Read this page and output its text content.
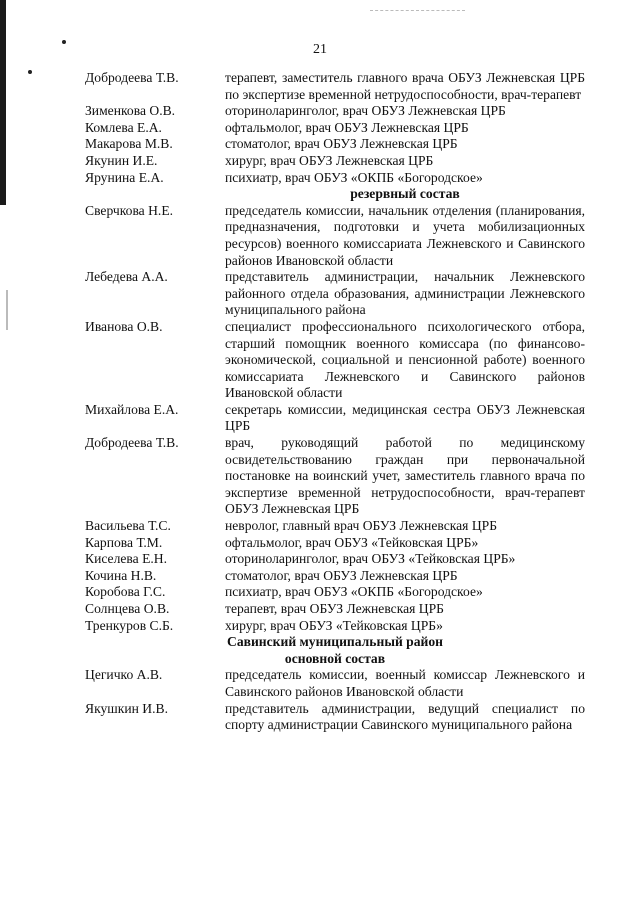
21
Добродеева Т.В.	терапевт, заместитель главного врача ОБУЗ Лежневская ЦРБ по экспертизе временной нетрудоспособности, врач-терапевт
Зименкова О.В.	оториноларинголог, врач ОБУЗ Лежневская ЦРБ
Комлева Е.А.	офтальмолог, врач ОБУЗ Лежневская ЦРБ
Макарова М.В.	стоматолог, врач ОБУЗ Лежневская ЦРБ
Якунин И.Е.	хирург, врач ОБУЗ Лежневская ЦРБ
Ярунина Е.А.	психиатр, врач ОБУЗ «ОКПБ «Богородское»
резервный состав
Сверчкова Н.Е.	председатель комиссии, начальник отделения (планирования, предназначения, подготовки и учета мобилизационных ресурсов) военного комиссариата Лежневского и Савинского районов Ивановской области
Лебедева А.А.	представитель администрации, начальник Лежневского районного отдела образования, администрации Лежневского муниципального района
Иванова О.В.	специалист профессионального психологического отбора, старший помощник военного комиссара (по финансово-экономической, социальной и пенсионной работе) военного комиссариата Лежневского и Савинского районов Ивановской области
Михайлова Е.А.	секретарь комиссии, медицинская сестра ОБУЗ Лежневская ЦРБ
Добродеева Т.В.	врач, руководящий работой по медицинскому освидетельствованию граждан при первоначальной постановке на воинский учет, заместитель главного врача по экспертизе временной нетрудоспособности, врач-терапевт ОБУЗ Лежневская ЦРБ
Васильева Т.С.	невролог, главный врач ОБУЗ Лежневская ЦРБ
Карпова Т.М.	офтальмолог, врач ОБУЗ «Тейковская ЦРБ»
Киселева Е.Н.	оториноларинголог, врач ОБУЗ «Тейковская ЦРБ»
Кочина Н.В.	стоматолог, врач ОБУЗ Лежневская ЦРБ
Коробова Г.С.	психиатр, врач ОБУЗ «ОКПБ «Богородское»
Солнцева О.В.	терапевт, врач ОБУЗ Лежневская ЦРБ
Тренкуров С.Б.	хирург, врач ОБУЗ «Тейковская ЦРБ»
Савинский муниципальный район
основной состав
Цегичко А.В.	председатель комиссии, военный комиссар Лежневского и Савинского районов Ивановской области
Якушкин И.В.	представитель администрации, ведущий специалист по спорту администрации Савинского муниципального района
